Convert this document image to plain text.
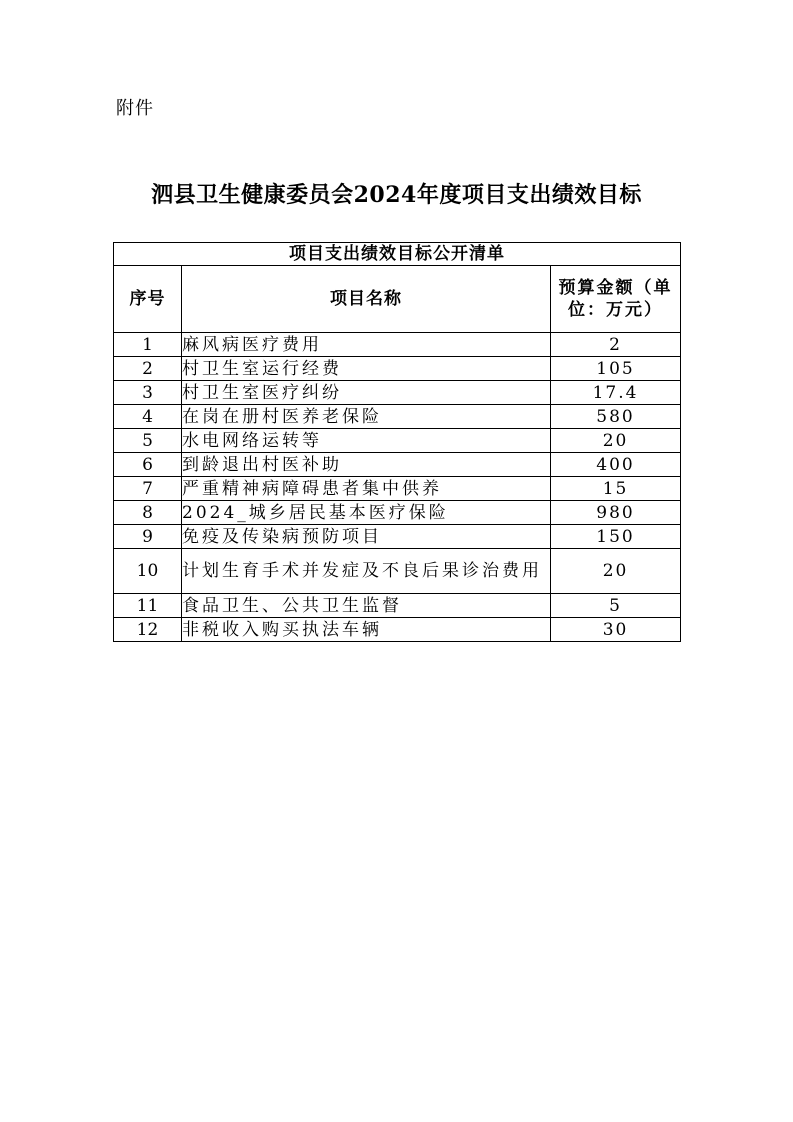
附件
泗县卫生健康委员会2024年度项目支出绩效目标
项目支出绩效目标公开清单		
序号	项目名称	预算金额（单位：万元）
1	麻风病医疗费用	2
2	村卫生室运行经费	105
3	村卫生室医疗纠纷	17.4
4	在岗在册村医养老保险	580
5	水电网络运转等	20
6	到龄退出村医补助	400
7	严重精神病障碍患者集中供养	15
8	2024_城乡居民基本医疗保险	980
9	免疫及传染病预防项目	150
10	计划生育手术并发症及不良后果诊治费用	20
11	食品卫生、公共卫生监督	5
12	非税收入购买执法车辆	30
